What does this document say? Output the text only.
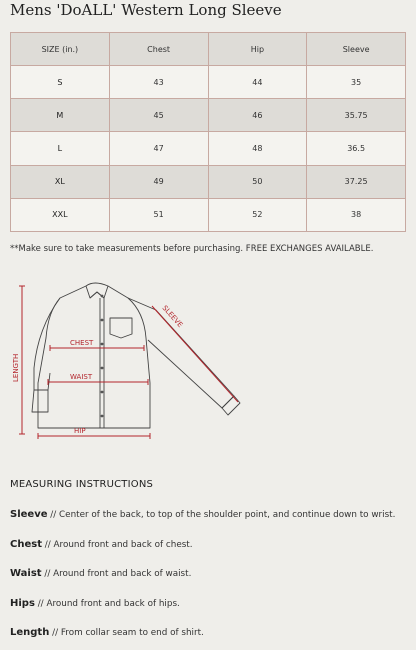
Mens 'DoALL' Western Long Sleeve
SIZE (in.)	Chest	Hip	Sleeve
S	43	44	35
M	45	46	35.75
L	47	48	36.5
XL	49	50	37.25
XXL	51	52	38
**Make sure to take measurements before purchasing. FREE EXCHANGES AVAILABLE.
CHEST
WAIST
HIP
SLEEVE
LENGTH
MEASURING INSTRUCTIONS
Sleeve // Center of the back, to top of the shoulder point, and continue down to wrist.
Chest // Around front and back of chest.
Waist // Around front and back of waist.
Hips // Around front and back of hips.
Length // From collar seam to end of shirt.
